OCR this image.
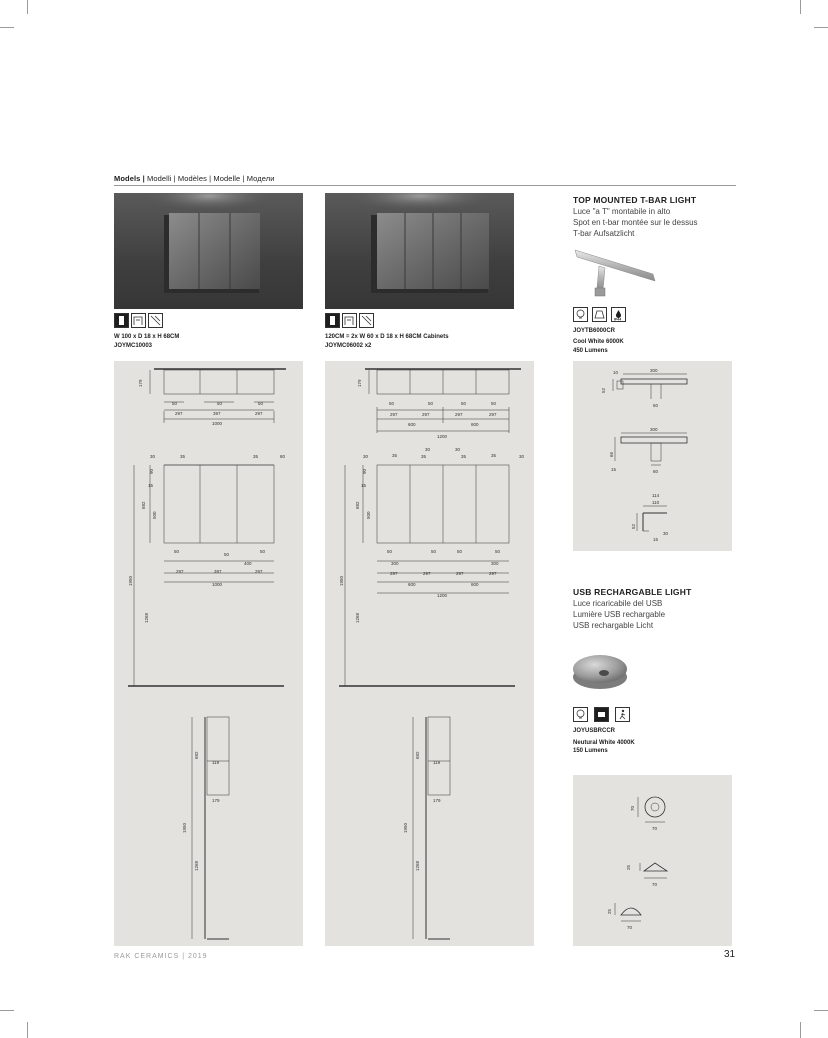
Models | Modelli | Modèles | Modelle | Модели
W 100 x D 18 x H 68CM
JOYMC10003
179
50	50	50
297	397	297
1000
30	35	35	80
90
15
682
500
50
50
50
400
297	397	297
1000
1950
1268
682
119
179
1950
1268
120CM = 2x W 60 x D 18 x H 68CM Cabinets
JOYMC06002 x2
179
50	50	50	50
297	297	297	297
600	600
1200
30	30
30	35	35	35	35	30
90
15
682
500
50	50	50	50
300	300
297	297	297	297
600	600
1200
1950
1268
682
119
179
1950
1268
TOP MOUNTED T-BAR LIGHT
Luce "a T" montabile in alto
Spot en t-bar montée sur le dessus
T-bar Aufsatzlicht
IP44
JOYTB6000CR
Cool White 6000K
450 Lumens
10	300
52
60
300
66
15	60
114
110
52
30
15
USB RECHARGABLE LIGHT
Luce ricaricabile del USB
Lumière USB rechargable
USB rechargable Licht
JOYUSBRCCR
Neutural White 4000K
150 Lumens
70
70
25
70
25
70
RAK CERAMICS | 2019	31
